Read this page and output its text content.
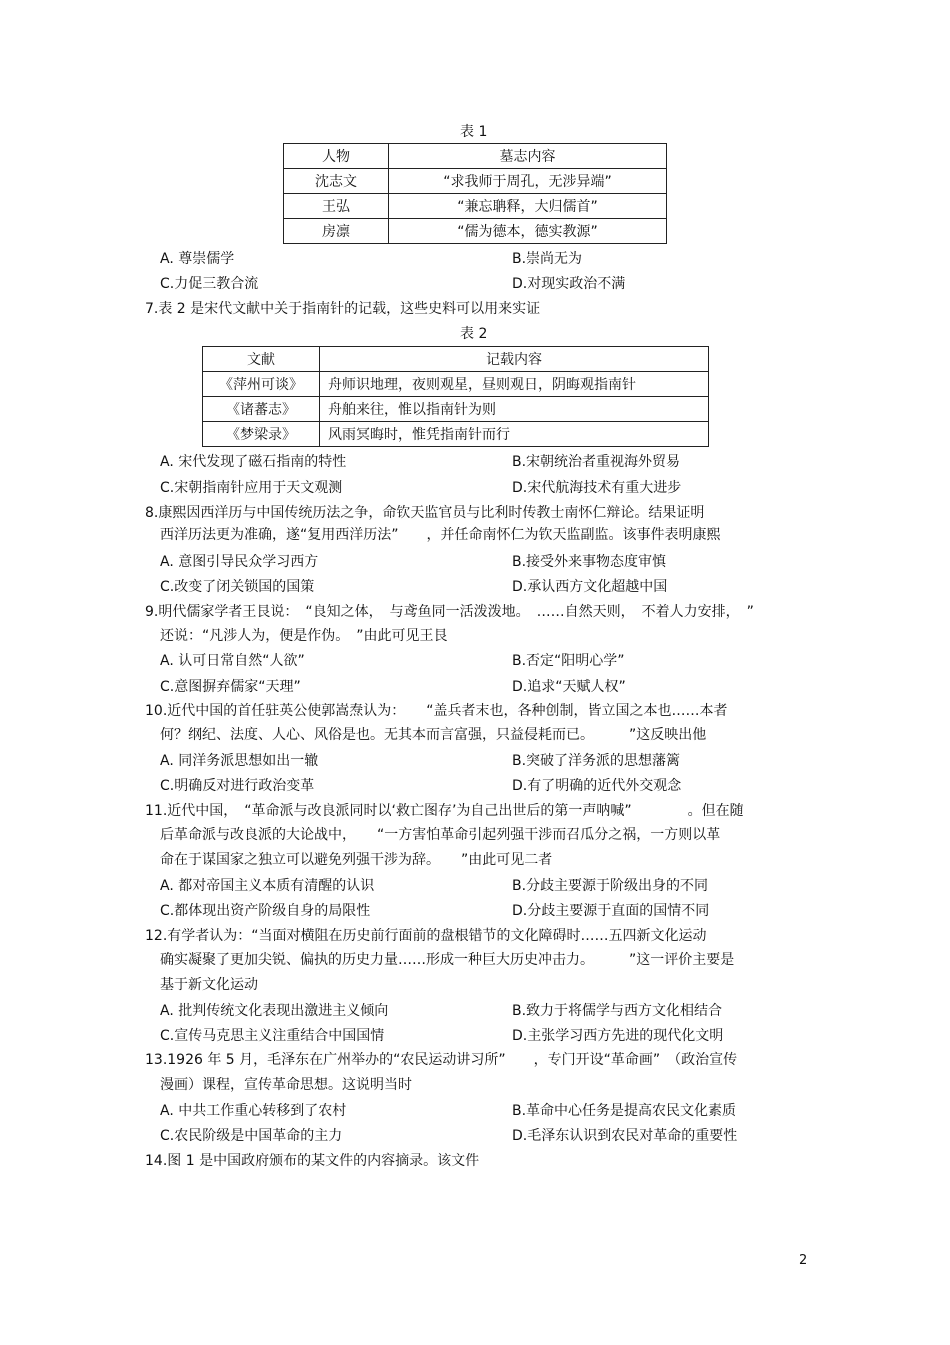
表 1
人物	墓志内容
沈志文	“求我师于周孔，无涉异端”
王弘	“兼忘聃释，大归儒首”
房凛	“儒为德本，德实教源”
A. 尊崇儒学	B.崇尚无为
C.力促三教合流	D.对现实政治不满
7.表 2 是宋代文献中关于指南针的记载，这些史料可以用来实证
表 2
文献	记载内容
《萍州可谈》	舟师识地理，夜则观星，昼则观日，阴晦观指南针
《诸蕃志》	舟舶来往，惟以指南针为则
《梦梁录》	风雨冥晦时，惟凭指南针而行
A. 宋代发现了磁石指南的特性	B.宋朝统治者重视海外贸易
C.宋朝指南针应用于天文观测	D.宋代航海技术有重大进步
8.康熙因西洋历与中国传统历法之争，命钦天监官员与比利时传教士南怀仁辩论。结果证明
西洋历法更为准确，遂“复用西洋历法”　　，并任命南怀仁为钦天监副监。该事件表明康熙
A. 意图引导民众学习西方	B.接受外来事物态度审慎
C.改变了闭关锁国的国策	D.承认西方文化超越中国
9.明代儒家学者王艮说：　“良知之体，　与鸢鱼同一活泼泼地。　……自然天则，　不着人力安排，　”
还说：“凡涉人为，便是作伪。　”由此可见王艮
A. 认可日常自然“人欲”	B.否定“阳明心学”
C.意图摒弃儒家“天理”	D.追求“天赋人权”
10.近代中国的首任驻英公使郭嵩焘认为：　　“盖兵者末也，各种创制，皆立国之本也……本者
何？纲纪、法度、人心、风俗是也。无其本而言富强，只益侵耗而已。　　　”这反映出他
A. 同洋务派思想如出一辙	B.突破了洋务派的思想藩篱
C.明确反对进行政治变革	D.有了明确的近代外交观念
11.近代中国，　“革命派与改良派同时以‘救亡图存’为自己出世后的第一声呐喊”　　　　。但在随
后革命派与改良派的大论战中，　　“一方害怕革命引起列强干涉而召瓜分之祸，一方则以革
命在于谋国家之独立可以避免列强干涉为辞。　　”由此可见二者
A. 都对帝国主义本质有清醒的认识	B.分歧主要源于阶级出身的不同
C.都体现出资产阶级自身的局限性	D.分歧主要源于直面的国情不同
12.有学者认为：“当面对横阻在历史前行面前的盘根错节的文化障碍时……五四新文化运动
确实凝聚了更加尖锐、偏执的历史力量……形成一种巨大历史冲击力。　　　”这一评价主要是
基于新文化运动
A. 批判传统文化表现出激进主义倾向	B.致力于将儒学与西方文化相结合
C.宣传马克思主义注重结合中国国情	D.主张学习西方先进的现代化文明
13.1926 年 5 月，毛泽东在广州举办的“农民运动讲习所”　　，专门开设“革命画”　（政治宣传
漫画）课程，宣传革命思想。这说明当时
A. 中共工作重心转移到了农村	B.革命中心任务是提高农民文化素质
C.农民阶级是中国革命的主力	D.毛泽东认识到农民对革命的重要性
14.图 1 是中国政府颁布的某文件的内容摘录。该文件
2
